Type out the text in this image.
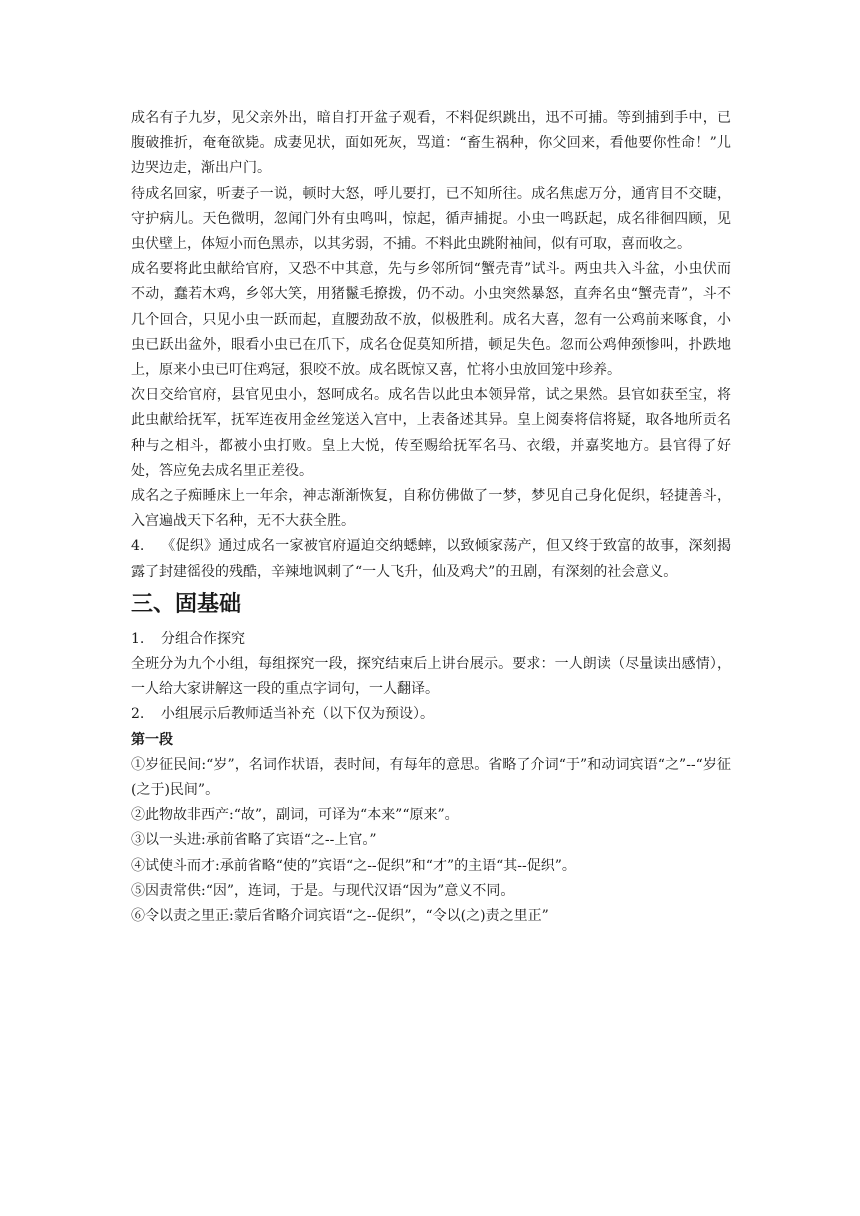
成名有子九岁，见父亲外出，暗自打开盆子观看，不料促织跳出，迅不可捕。等到捕到手中，已腹破推折，奄奄欲毙。成妻见状，面如死灰，骂道：“畜生祸种，你父回来，看他要你性命！”儿边哭边走，渐出户门。

待成名回家，听妻子一说，顿时大怒，呼儿要打，已不知所往。成名焦虑万分，通宵目不交睫，守护病儿。天色微明，忽闻门外有虫鸣叫，惊起，循声捕捉。小虫一鸣跃起，成名徘徊四顾，见虫伏壁上，体短小而色黑赤，以其劣弱，不捕。不料此虫跳附袖间，似有可取，喜而收之。

成名要将此虫献给官府，又恐不中其意，先与乡邻所饲“蟹壳青”试斗。两虫共入斗盆，小虫伏而不动，蠢若木鸡，乡邻大笑，用猪鬣毛撩拨，仍不动。小虫突然暴怒，直奔名虫“蟹壳青”，斗不几个回合，只见小虫一跃而起，直腰劲敌不放，似极胜利。成名大喜，忽有一公鸡前来啄食，小虫已跃出盆外，眼看小虫已在爪下，成名仓促莫知所措，顿足失色。忽而公鸡伸颈惨叫，扑跌地上，原来小虫已叮住鸡冠，狠咬不放。成名既惊又喜，忙将小虫放回笼中珍养。

次日交给官府，县官见虫小，怒呵成名。成名告以此虫本领异常，试之果然。县官如获至宝，将此虫献给抚军，抚军连夜用金丝笼送入宫中，上表备述其异。皇上阅奏将信将疑，取各地所贡名种与之相斗，都被小虫打败。皇上大悦，传至赐给抚军名马、衣缎，并嘉奖地方。县官得了好处，答应免去成名里正差役。

成名之子痴睡床上一年余，神志渐渐恢复，自称仿佛做了一梦，梦见自己身化促织，轻捷善斗，入宫遍战天下名种，无不大获全胜。

4. 《促织》通过成名一家被官府逼迫交纳蟋蟀，以致倾家荡产，但又终于致富的故事，深刻揭露了封建徭役的残酷，辛辣地讽刺了“一人飞升，仙及鸡犬”的丑剧，有深刻的社会意义。

三、固基础

1. 分组合作探究

全班分为九个小组，每组探究一段，探究结束后上讲台展示。要求：一人朗读（尽量读出感情），一人给大家讲解这一段的重点字词句，一人翻译。

2. 小组展示后教师适当补充（以下仅为预设）。

第一段

①岁征民间:“岁”，名词作状语，表时间，有每年的意思。省略了介词“于”和动词宾语“之”--“岁征(之于)民间”。

②此物故非西产:“故”，副词，可译为“本来”“原来”。

③以一头进:承前省略了宾语“之--上官。”

④试使斗而才:承前省略“使的”宾语“之--促织”和“才”的主语“其--促织”。

⑤因责常供:“因”，连词，于是。与现代汉语“因为”意义不同。

⑥令以责之里正:蒙后省略介词宾语“之--促织”，“令以(之)责之里正”
